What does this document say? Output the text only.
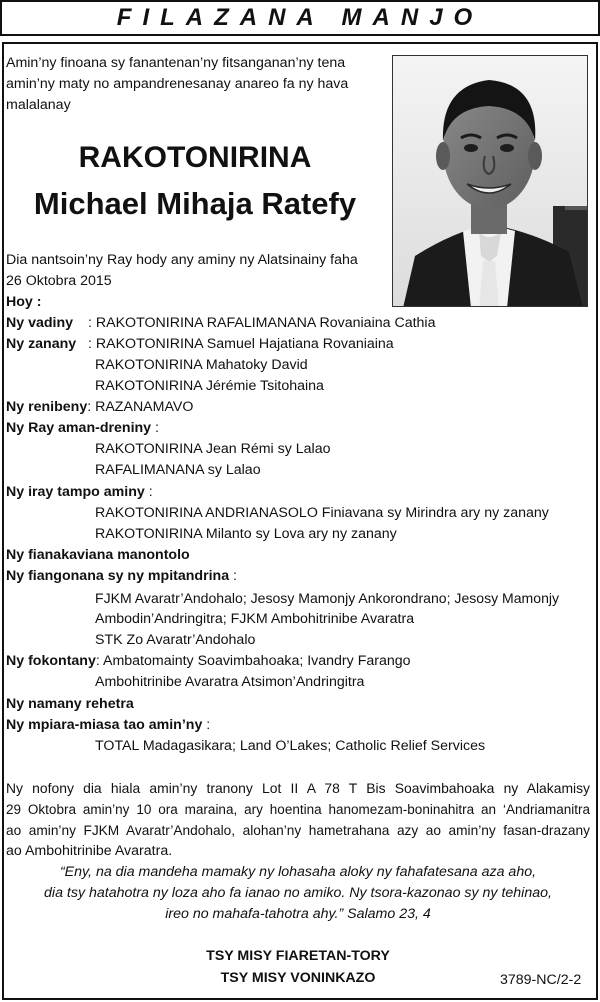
FILAZANA MANJO
Amin’ny finoana sy fanantenan’ny fitsanganan’ny tena
amin’ny maty no ampandrenesanay anareo fa ny hava
malalanay
RAKOTONIRINA
Michael Mihaja Ratefy
Dia nantsoin’ny Ray hody any aminy ny Alatsinainy faha
26 Oktobra 2015
Hoy :
Ny vadiny : RAKOTONIRINA RAFALIMANANA Rovaniaina Cathia
Ny zanany : RAKOTONIRINA Samuel Hajatiana Rovaniaina
RAKOTONIRINA Mahatoky David
RAKOTONIRINA Jérémie Tsitohaina
Ny renibeny: RAZANAMAVO
Ny Ray aman-dreniny :
RAKOTONIRINA Jean Rémi sy Lalao
RAFALIMANANA sy Lalao
Ny iray tampo aminy :
RAKOTONIRINA ANDRIANASOLO Finiavana sy Mirindra ary ny zanany
RAKOTONIRINA Milanto sy Lova ary ny zanany
Ny fianakaviana manontolo
Ny fiangonana sy ny mpitandrina :
FJKM Avaratr’Andohalo; Jesosy Mamonjy Ankorondrano; Jesosy Mamonjy
Ambodin’Andringitra; FJKM Ambohitrinibe Avaratra
STK Zo Avaratr’Andohalo
Ny fokontany: Ambatomainty Soavimbahoaka; Ivandry Farango
Ambohitrinibe Avaratra Atsimon’Andringitra
Ny namany rehetra
Ny mpiara-miasa tao amin’ny :
TOTAL Madagasikara; Land O’Lakes; Catholic Relief Services
Ny nofony dia hiala amin’ny tranony Lot II A 78 T Bis Soavimbahoaka ny Alakamisy
29 Oktobra amin’ny 10 ora maraina, ary hoentina hanomezam-boninahitra an ‘Andriamanitra
ao amin’ny FJKM Avaratr’Andohalo, alohan’ny hametrahana azy ao amin’ny fasan-drazany
ao Ambohitrinibe Avaratra.
“Eny, na dia mandeha mamaky ny lohasaha aloky ny fahafatesana aza aho,
dia tsy hatahotra ny loza aho fa ianao no amiko. Ny tsora-kazonao sy ny tehinao,
ireo no mahafa-tahotra ahy.” Salamo 23, 4
TSY MISY FIARETAN-TORY
TSY MISY VONINKAZO	3789-NC/2-2
